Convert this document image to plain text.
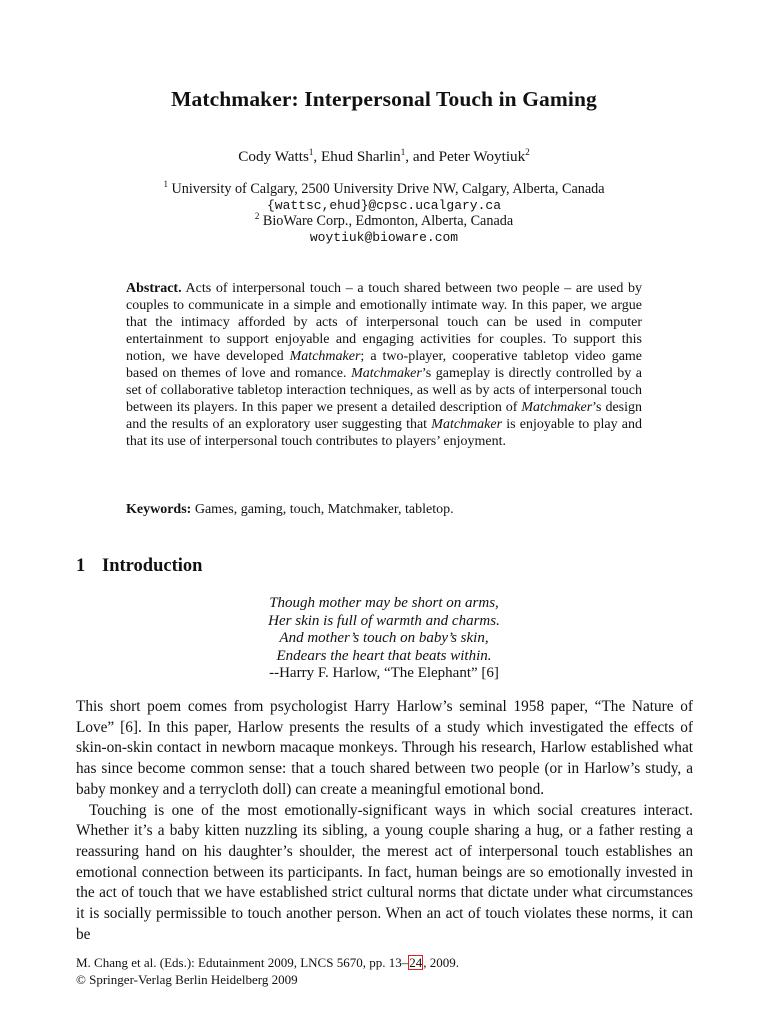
Matchmaker: Interpersonal Touch in Gaming
Cody Watts$^1$, Ehud Sharlin$^1$, and Peter Woytiuk$^2$
$^1$ University of Calgary, 2500 University Drive NW, Calgary, Alberta, Canada
{wattsc,ehud}@cpsc.ucalgary.ca
$^2$ BioWare Corp., Edmonton, Alberta, Canada
woytiuk@bioware.com

Abstract. Acts of interpersonal touch – a touch shared between two people – are used by couples to communicate in a simple and emotionally intimate way. In this paper, we argue that the intimacy afforded by acts of interpersonal touch can be used in computer entertainment to support enjoyable and engaging activities for couples. To support this notion, we have developed Matchmaker; a two-player, cooperative tabletop video game based on themes of love and romance. Matchmaker’s gameplay is directly controlled by a set of collaborative tabletop interaction techniques, as well as by acts of interpersonal touch between its players. In this paper we present a detailed description of Matchmaker’s design and the results of an exploratory user suggesting that Matchmaker is enjoyable to play and that its use of interpersonal touch contributes to players’ enjoyment.

Keywords: Games, gaming, touch, Matchmaker, tabletop.

1 Introduction
Though mother may be short on arms,
Her skin is full of warmth and charms.
And mother’s touch on baby’s skin,
Endears the heart that beats within.
--Harry F. Harlow, “The Elephant” [6]

This short poem comes from psychologist Harry Harlow’s seminal 1958 paper, “The Nature of Love” [6]. In this paper, Harlow presents the results of a study which investigated the effects of skin-on-skin contact in newborn macaque monkeys. Through his research, Harlow established what has since become common sense: that a touch shared between two people (or in Harlow’s study, a baby monkey and a terrycloth doll) can create a meaningful emotional bond.

Touching is one of the most emotionally-significant ways in which social creatures interact. Whether it’s a baby kitten nuzzling its sibling, a young couple sharing a hug, or a father resting a reassuring hand on his daughter’s shoulder, the merest act of interpersonal touch establishes an emotional connection between its participants. In fact, human beings are so emotionally invested in the act of touch that we have established strict cultural norms that dictate under what circumstances it is socially permissible to touch another person. When an act of touch violates these norms, it can be

M. Chang et al. (Eds.): Edutainment 2009, LNCS 5670, pp. 13–24, 2009.
© Springer-Verlag Berlin Heidelberg 2009
